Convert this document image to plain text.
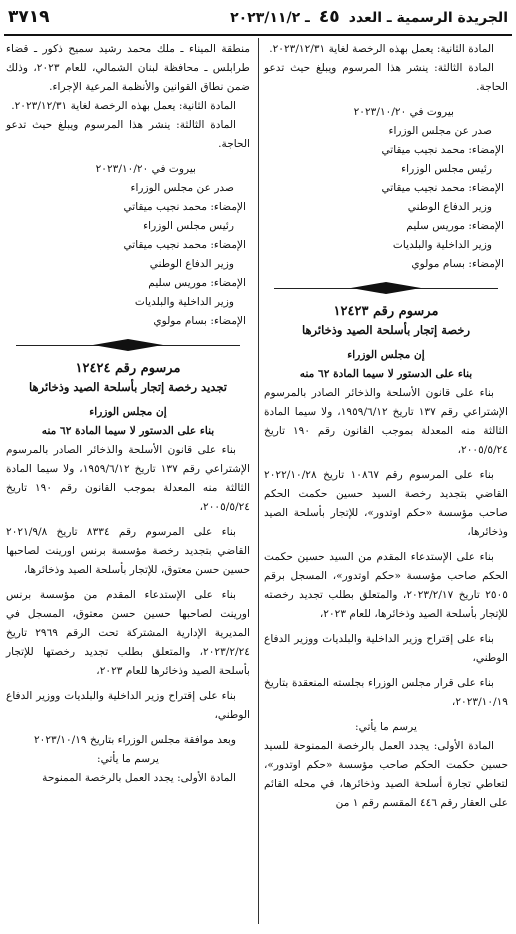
الجريدة الرسمية ـ العدد ٤٥ ـ ٢٠٢٣/١١/٢
٣٧١٩

المادة الثانية: يعمل بهذه الرخصة لغاية ٢٠٢٣/١٢/٣١.

المادة الثالثة: ينشر هذا المرسوم ويبلغ حيث تدعو الحاجة.

بيروت في ٢٠٢٣/١٠/٢٠

صدر عن مجلس الوزراء

الإمضاء: محمد نجيب ميقاتي

رئيس مجلس الوزراء

الإمضاء: محمد نجيب ميقاتي

وزير الدفاع الوطني

الإمضاء: موريس سليم

وزير الداخلية والبلديات

الإمضاء: بسام مولوي

مرسوم رقم ١٢٤٢٣

رخصة إتجار بأسلحة الصيد وذخائرها

إن مجلس الوزراء

بناء على الدستور لا سيما المادة ٦٢ منه

بناء على قانون الأسلحة والذخائر الصادر بالمرسوم الإشتراعي رقم ١٣٧ تاريخ ١٩٥٩/٦/١٢، ولا سيما المادة الثالثة منه المعدلة بموجب القانون رقم ١٩٠ تاريخ ٢٠٠٥/٥/٢٤،

بناء على المرسوم رقم ١٠٨٦٧ تاريخ ٢٠٢٢/١٠/٢٨ القاضي بتجديد رخصة السيد حسين حكمت الحكم صاحب مؤسسة «حكم اوتدور»، للإتجار بأسلحة الصيد وذخائرها،

بناء على الإستدعاء المقدم من السيد حسين حكمت الحكم صاحب مؤسسة «حكم اوتدور»، المسجل برقم ٢٥٠٥ تاريخ ٢٠٢٣/٢/١٧، والمتعلق بطلب تجديد رخصته للإتجار بأسلحة الصيد وذخائرها، للعام ٢٠٢٣،

بناء على إقتراح وزير الداخلية والبلديات ووزير الدفاع الوطني،

بناء على قرار مجلس الوزراء بجلسته المنعقدة بتاريخ ٢٠٢٣/١٠/١٩،

يرسم ما يأتي:

المادة الأولى: يجدد العمل بالرخصة الممنوحة للسيد حسين حكمت الحكم صاحب مؤسسة «حكم اوتدور»، لتعاطي تجارة أسلحة الصيد وذخائرها، في محله القائم على العقار رقم ٤٤٦ المقسم رقم ١ من

منطقة الميناء ـ ملك محمد رشيد سميح ذكور ـ قضاء طرابلس ـ محافظة لبنان الشمالي، للعام ٢٠٢٣، وذلك ضمن نطاق القوانين والأنظمة المرعية الإجراء.

المادة الثانية: يعمل بهذه الرخصة لغاية ٢٠٢٣/١٢/٣١.

المادة الثالثة: ينشر هذا المرسوم ويبلغ حيث تدعو الحاجة.

بيروت في ٢٠٢٣/١٠/٢٠

صدر عن مجلس الوزراء

الإمضاء: محمد نجيب ميقاتي

رئيس مجلس الوزراء

الإمضاء: محمد نجيب ميقاتي

وزير الدفاع الوطني

الإمضاء: موريس سليم

وزير الداخلية والبلديات

الإمضاء: بسام مولوي

مرسوم رقم ١٢٤٢٤

تجديد رخصة إتجار بأسلحة الصيد وذخائرها

إن مجلس الوزراء

بناء على الدستور لا سيما المادة ٦٢ منه

بناء على قانون الأسلحة والذخائر الصادر بالمرسوم الإشتراعي رقم ١٣٧ تاريخ ١٩٥٩/٦/١٢، ولا سيما المادة الثالثة منه المعدلة بموجب القانون رقم ١٩٠ تاريخ ٢٠٠٥/٥/٢٤،

بناء على المرسوم رقم ٨٣٣٤ تاريخ ٢٠٢١/٩/٨ القاضي بتجديد رخصة مؤسسة برنس اورينت لصاحبها حسين حسن معتوق، للإتجار بأسلحة الصيد وذخائرها،

بناء على الإستدعاء المقدم من مؤسسة برنس اورينت لصاحبها حسين حسن معتوق، المسجل في المديرية الإدارية المشتركة تحت الرقم ٢٩٦٩ تاريخ ٢٠٢٣/٢/٢٤، والمتعلق بطلب تجديد رخصتها للإتجار بأسلحة الصيد وذخائرها للعام ٢٠٢٣،

بناء على إقتراح وزير الداخلية والبلديات ووزير الدفاع الوطني،

وبعد موافقة مجلس الوزراء بتاريخ ٢٠٢٣/١٠/١٩

يرسم ما يأتي:

المادة الأولى: يجدد العمل بالرخصة الممنوحة
